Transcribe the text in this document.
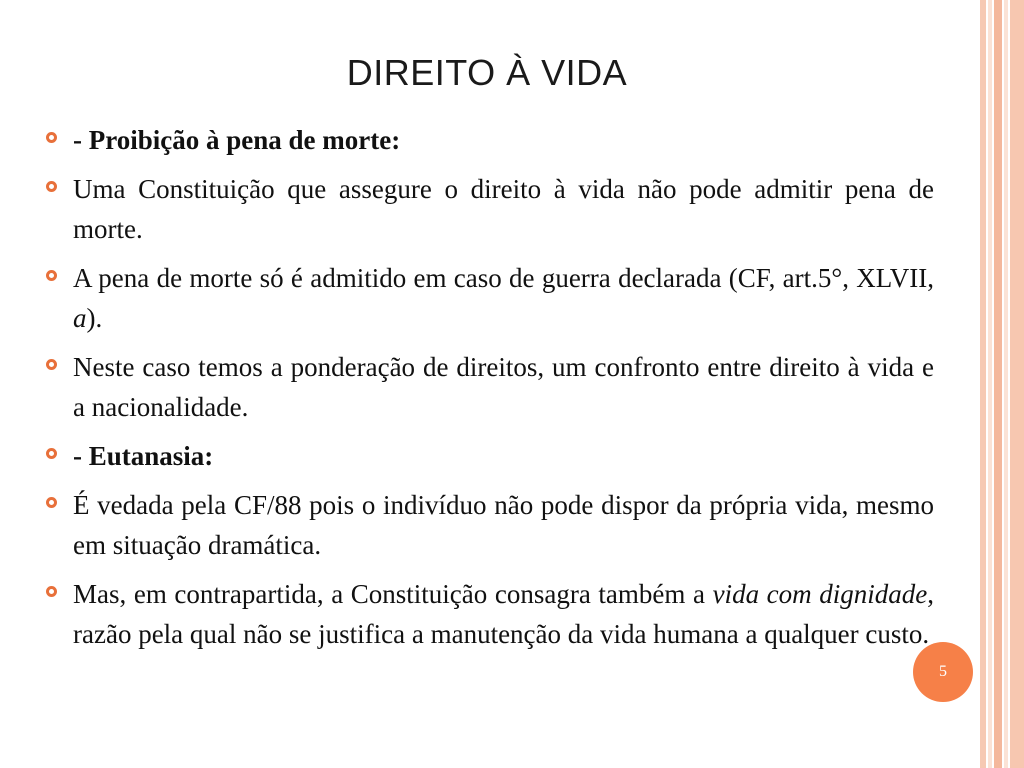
DIREITO À VIDA
- Proibição à pena de morte:
Uma Constituição que assegure o direito à vida não pode admitir pena de morte.
A pena de morte só é admitido em caso de guerra declarada (CF, art.5°, XLVII, a).
Neste caso temos a ponderação de direitos, um confronto entre direito à vida e a nacionalidade.
- Eutanasia:
É vedada pela CF/88 pois o indivíduo não pode dispor da própria vida, mesmo em situação dramática.
Mas, em contrapartida, a Constituição consagra também a vida com dignidade, razão pela qual não se justifica a manutenção da vida humana a qualquer custo.
5
